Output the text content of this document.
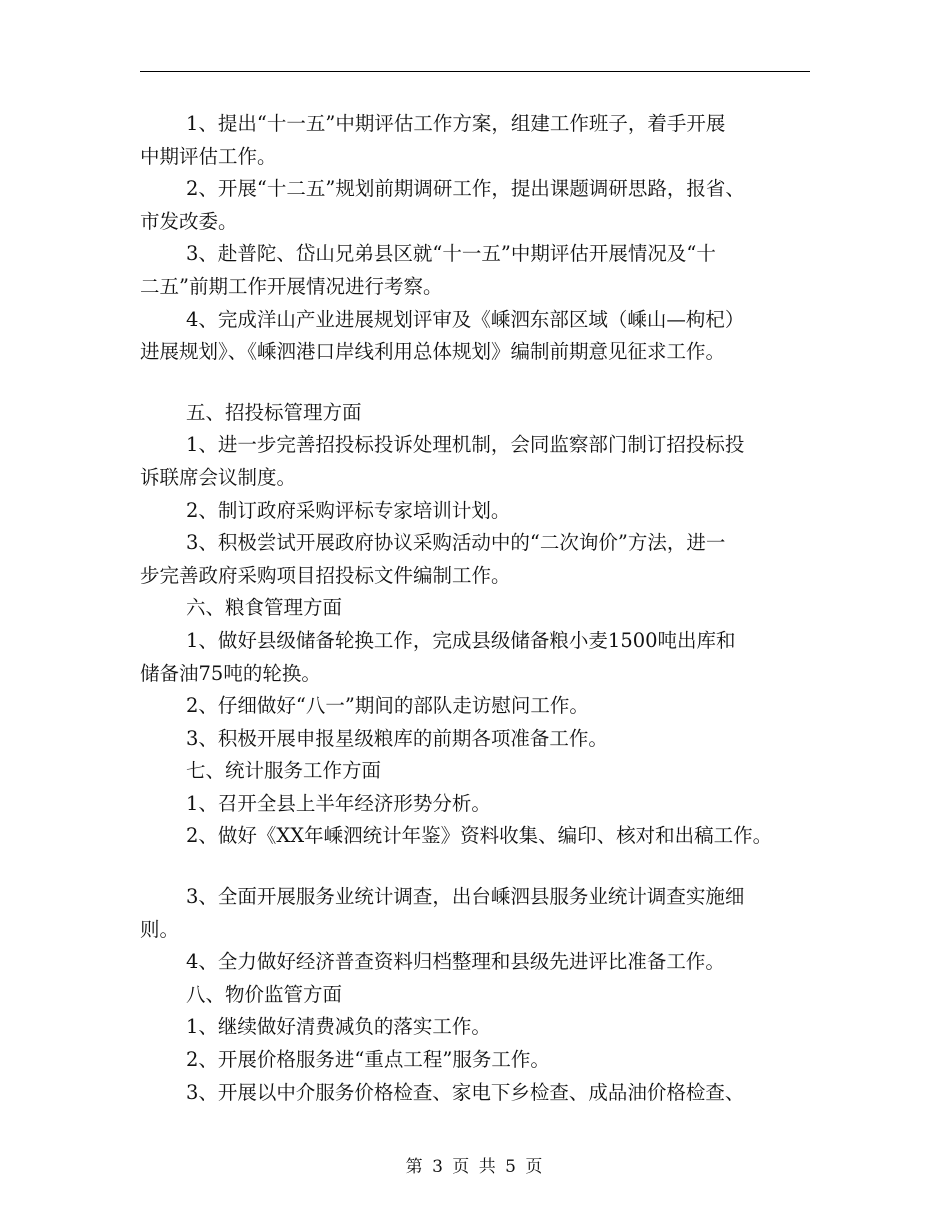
1、提出“十一五”中期评估工作方案，组建工作班子，着手开展
中期评估工作。
2、开展“十二五”规划前期调研工作，提出课题调研思路，报省、
市发改委。
3、赴普陀、岱山兄弟县区就“十一五”中期评估开展情况及“十
二五”前期工作开展情况进行考察。
4、完成洋山产业进展规划评审及《嵊泗东部区域（嵊山—枸杞）
进展规划》、《嵊泗港口岸线利用总体规划》编制前期意见征求工作。
五、招投标管理方面
1、进一步完善招投标投诉处理机制，会同监察部门制订招投标投
诉联席会议制度。
2、制订政府采购评标专家培训计划。
3、积极尝试开展政府协议采购活动中的“二次询价”方法，进一
步完善政府采购项目招投标文件编制工作。
六、粮食管理方面
1、做好县级储备轮换工作，完成县级储备粮小麦1500吨出库和
储备油75吨的轮换。
2、仔细做好“八一”期间的部队走访慰问工作。
3、积极开展申报星级粮库的前期各项准备工作。
七、统计服务工作方面
1、召开全县上半年经济形势分析。
2、做好《XX年嵊泗统计年鉴》资料收集、编印、核对和出稿工作。
3、全面开展服务业统计调查，出台嵊泗县服务业统计调查实施细
则。
4、全力做好经济普查资料归档整理和县级先进评比准备工作。
八、物价监管方面
1、继续做好清费减负的落实工作。
2、开展价格服务进“重点工程”服务工作。
3、开展以中介服务价格检查、家电下乡检查、成品油价格检查、
第 3 页 共 5 页
